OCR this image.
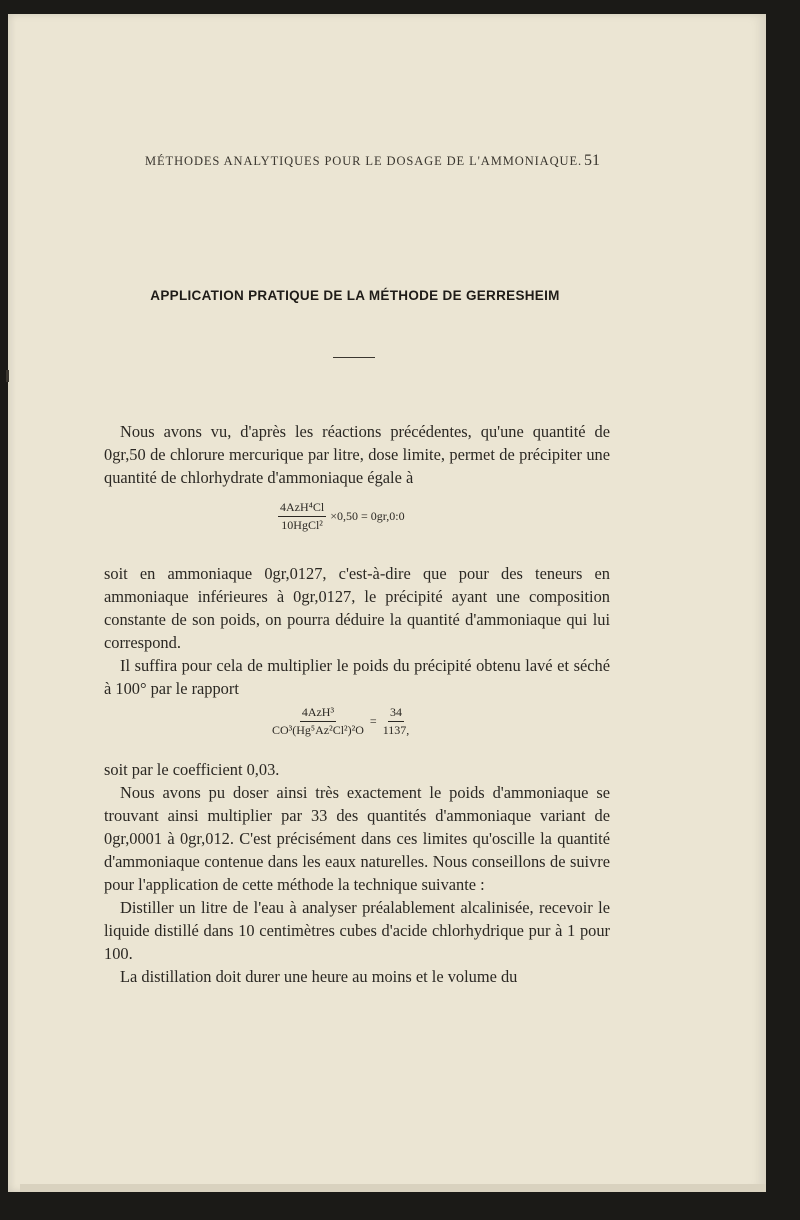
MÉTHODES ANALYTIQUES POUR LE DOSAGE DE L'AMMONIAQUE. 51
APPLICATION PRATIQUE DE LA MÉTHODE DE GERRESHEIM

Nous avons vu, d'après les réactions précédentes, qu'une quantité de 0gr,50 de chlorure mercurique par litre, dose limite, permet de précipiter une quantité de chlorhydrate d'ammoniaque égale à

$\frac{\text{4AzH⁴Cl}}{\text{10HgCl²}} \times 0,50$ = 0gr,0:0

soit en ammoniaque 0gr,0127, c'est-à-dire que pour des teneurs en ammoniaque inférieures à 0gr,0127, le précipité ayant une composition constante de son poids, on pourra déduire la quantité d'ammoniaque qui lui correspond.

Il suffira pour cela de multiplier le poids du précipité obtenu lavé et séché à 100° par le rapport

$\frac{\text{4AzH³}}{\text{CO³(Hg⁵Az²Cl²)²O}} = \frac{34}{1137,}$

soit par le coefficient 0,03.

Nous avons pu doser ainsi très exactement le poids d'ammoniaque se trouvant ainsi multiplier par 33 des quantités d'ammoniaque variant de 0gr,0001 à 0gr,012. C'est précisément dans ces limites qu'oscille la quantité d'ammoniaque contenue dans les eaux naturelles. Nous conseillons de suivre pour l'application de cette méthode la technique suivante :

Distiller un litre de l'eau à analyser préalablement alcalinisée, recevoir le liquide distillé dans 10 centimètres cubes d'acide chlorhydrique pur à 1 pour 100.

La distillation doit durer une heure au moins et le volume du
